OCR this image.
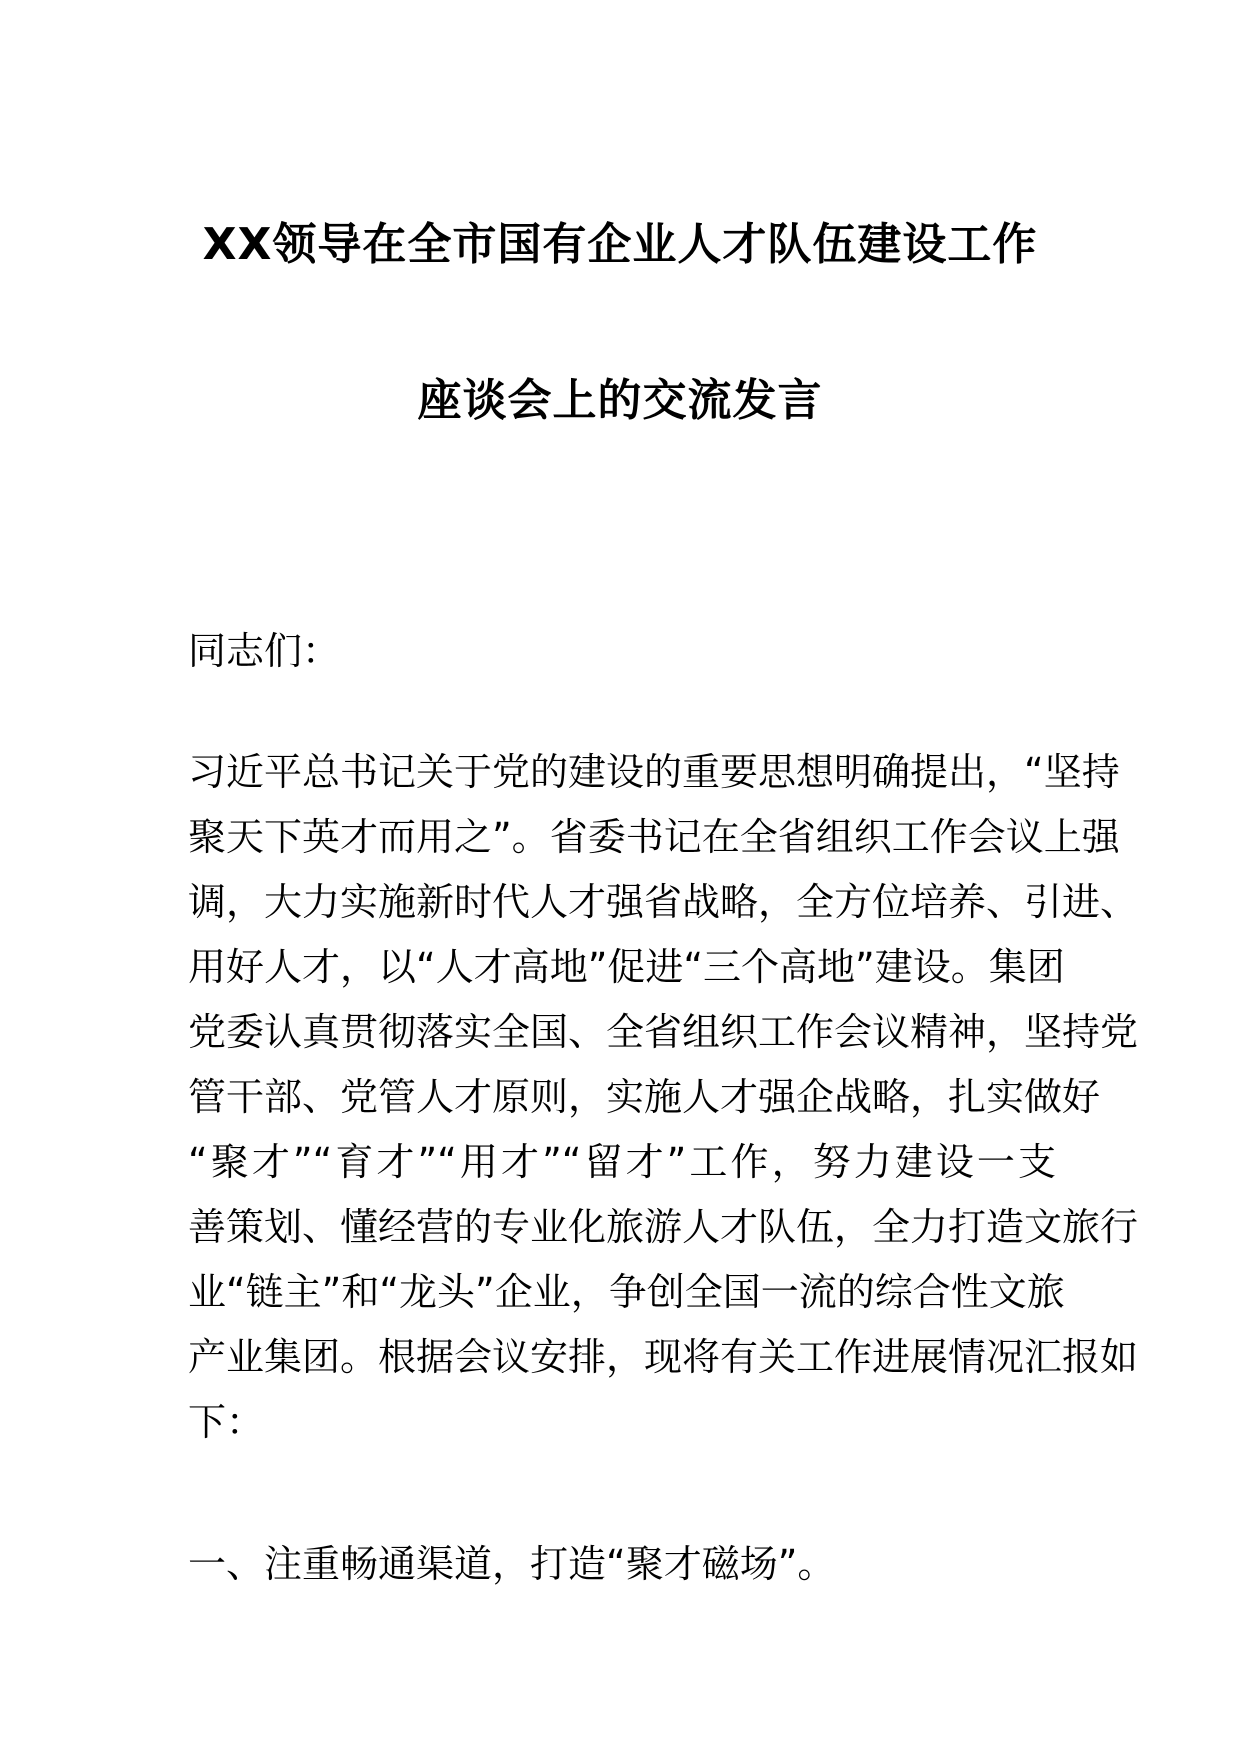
XX领导在全市国有企业人才队伍建设工作
座谈会上的交流发言
同志们：
习近平总书记关于党的建设的重要思想明确提出，“坚持
聚天下英才而用之”。省委书记在全省组织工作会议上强
调，大力实施新时代人才强省战略，全方位培养、引进、
用好人才，以“人才高地”促进“三个高地”建设。集团
党委认真贯彻落实全国、全省组织工作会议精神，坚持党
管干部、党管人才原则，实施人才强企战略，扎实做好
“聚才”“育才”“用才”“留才”工作，努力建设一支
善策划、懂经营的专业化旅游人才队伍，全力打造文旅行
业“链主”和“龙头”企业，争创全国一流的综合性文旅
产业集团。根据会议安排，现将有关工作进展情况汇报如
下：
一、注重畅通渠道，打造“聚才磁场”。
